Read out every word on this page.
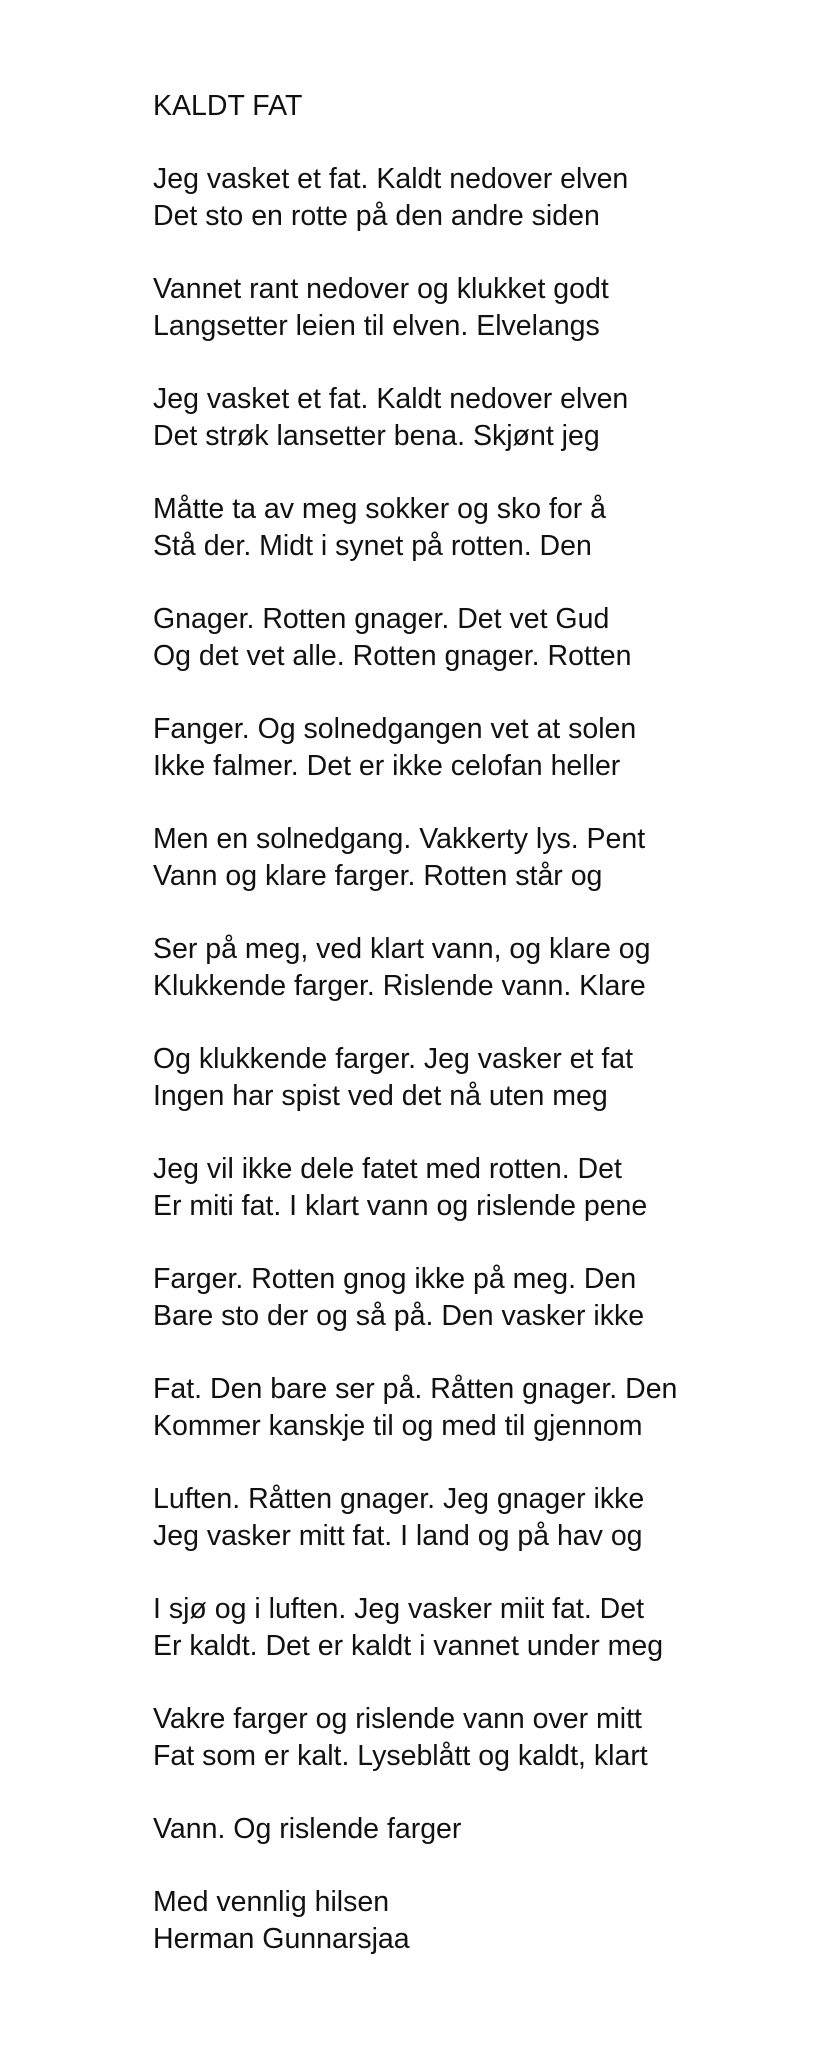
KALDT FAT
Jeg vasket et fat. Kaldt nedover elven
Det sto en rotte på den andre siden
Vannet rant nedover og klukket godt
Langsetter leien til elven. Elvelangs
Jeg vasket et fat. Kaldt nedover elven
Det strøk lansetter bena. Skjønt jeg
Måtte ta av meg sokker og sko for å
Stå der. Midt i synet på rotten. Den
Gnager. Rotten gnager. Det vet Gud
Og det vet alle. Rotten gnager. Rotten
Fanger. Og solnedgangen vet at solen
Ikke falmer. Det er ikke celofan heller
Men en solnedgang. Vakkerty lys. Pent
Vann og klare farger. Rotten står og
Ser på meg, ved klart vann, og klare og
Klukkende farger. Rislende vann. Klare
Og klukkende farger. Jeg vasker et fat
Ingen har spist ved det nå uten meg
Jeg vil ikke dele fatet med rotten. Det
Er miti fat. I klart vann og rislende pene
Farger. Rotten gnog ikke på meg. Den
Bare sto der og så på. Den vasker ikke
Fat. Den bare ser på. Råtten gnager. Den
Kommer kanskje til og med til gjennom
Luften. Råtten gnager. Jeg gnager ikke
Jeg vasker mitt fat. I land og på hav og
I sjø og i luften. Jeg vasker miit fat. Det
Er kaldt. Det er kaldt i vannet under meg
Vakre farger og rislende vann over mitt
Fat som er kalt. Lyseblått og kaldt, klart
Vann. Og rislende farger
Med vennlig hilsen
Herman Gunnarsjaa
